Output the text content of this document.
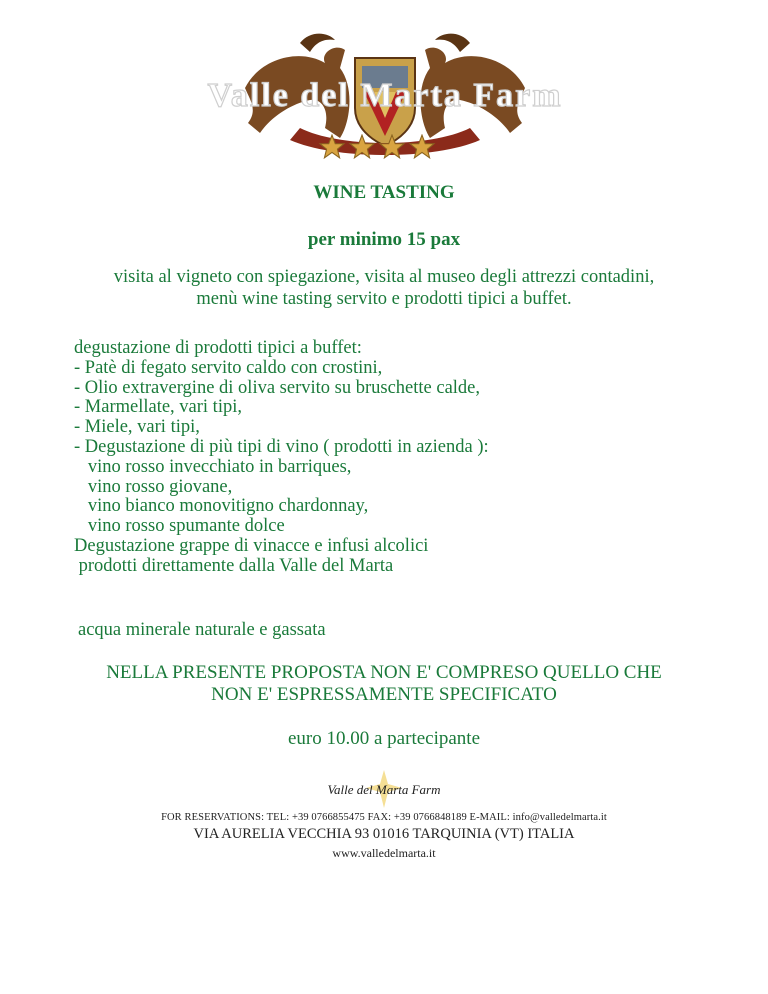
Valle del Marta Farm
WINE TASTING
per minimo 15 pax
visita al vigneto con spiegazione, visita al museo degli attrezzi contadini,
menù wine tasting servito e prodotti tipici a buffet.
degustazione di prodotti tipici a buffet:
- Patè di fegato servito caldo con crostini,
- Olio extravergine di oliva servito su bruschette calde,
- Marmellate, vari tipi,
- Miele, vari tipi,
- Degustazione di più tipi di vino ( prodotti in azienda ):
vino rosso invecchiato in barriques,
vino rosso giovane,
vino bianco monovitigno chardonnay,
vino rosso spumante dolce
Degustazione grappe di vinacce e infusi alcolici
prodotti direttamente dalla Valle del Marta
acqua minerale naturale e gassata
NELLA PRESENTE PROPOSTA NON E' COMPRESO QUELLO CHE
NON E' ESPRESSAMENTE SPECIFICATO
euro 10.00 a partecipante
Valle del Marta Farm
FOR RESERVATIONS: TEL: +39 0766855475 FAX: +39 0766848189 E-MAIL: info@valledelmarta.it
VIA AURELIA VECCHIA 93 01016 TARQUINIA (VT) ITALIA
www.valledelmarta.it
